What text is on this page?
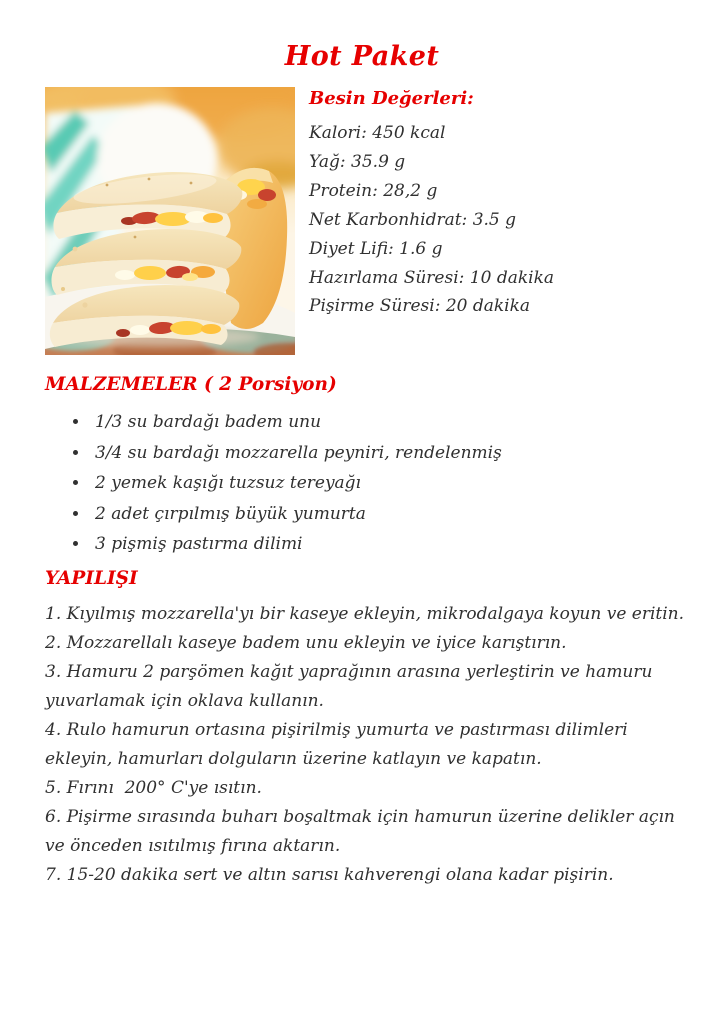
Hot Paket
Besin Değerleri:

Kalori: 450 kcal

Yağ: 35.9 g

Protein: 28,2 g

Net Karbonhidrat: 3.5 g

Diyet Lifi: 1.6 g

Hazırlama Süresi: 10 dakika

Pişirme Süresi: 20 dakika

MALZEMELER ( 2 Porsiyon)
• 1/3 su bardağı badem unu
• 3/4 su bardağı mozzarella peyniri, rendelenmiş
• 2 yemek kaşığı tuzsuz tereyağı
• 2 adet çırpılmış büyük yumurta
• 3 pişmiş pastırma dilimi
YAPILIŞI

1. Kıyılmış mozzarella'yı bir kaseye ekleyin, mikrodalgaya koyun ve eritin.

2. Mozzarellalı kaseye badem unu ekleyin ve iyice karıştırın.

3. Hamuru 2 parşömen kağıt yaprağının arasına yerleştirin ve hamuru yuvarlamak için oklava kullanın.

4. Rulo hamurun ortasına pişirilmiş yumurta ve pastırması dilimleri ekleyin, hamurları dolguların üzerine katlayın ve kapatın.

5. Fırını  200° C'ye ısıtın.

6. Pişirme sırasında buharı boşaltmak için hamurun üzerine delikler açın ve önceden ısıtılmış fırına aktarın.

7. 15-20 dakika sert ve altın sarısı kahverengi olana kadar pişirin.
